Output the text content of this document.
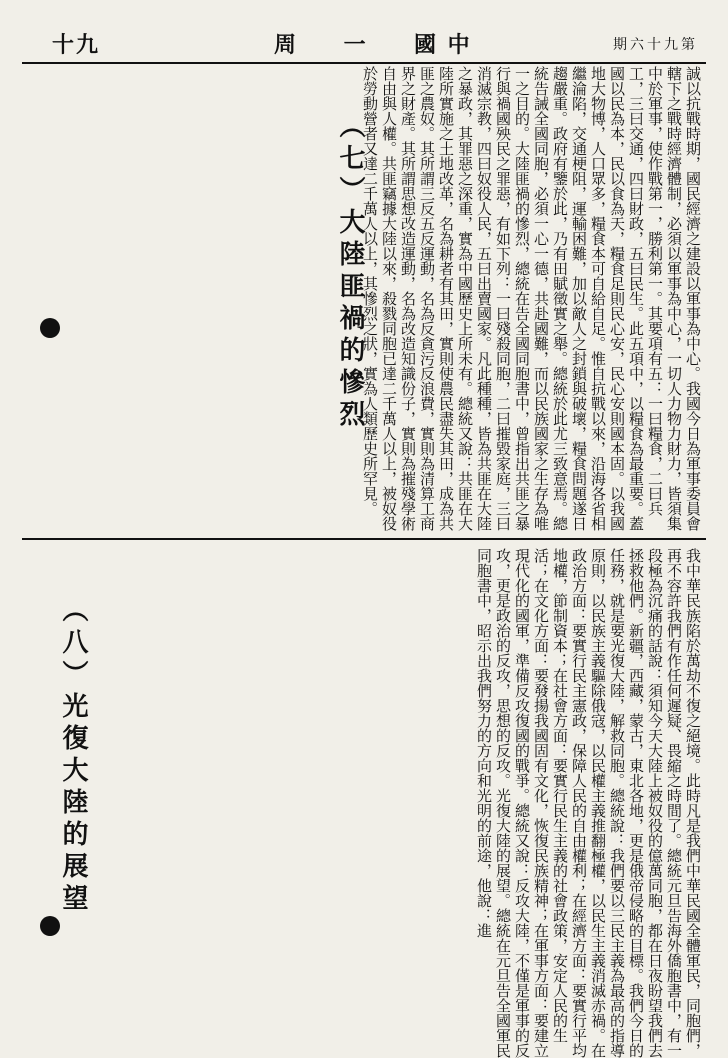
十九	周 一 國 中	期六十九第
誠以抗戰時期，國民經濟之建設以軍事為中心。我國今日為軍事委員會轄下之戰時經濟體制，必須以軍事為中心，一切人力物力財力，皆須集中於軍事，使作戰第一，勝利第一。其要項有五：一曰糧食，二曰兵工，三曰交通，四曰財政，五曰民生。此五項中，以糧食為最重要。蓋國以民為本，民以食為天，糧食足則民心安，民心安則國本固。以我國地大物博，人口眾多，糧食本可自給自足。惟自抗戰以來，沿海各省相繼淪陷，交通梗阻，運輸困難，加以敵人之封鎖與破壞，糧食問題遂日趨嚴重。政府有鑒於此，乃有田賦徵實之舉。總統於此尤三致意焉。總統告誡全國同胞，必須一心一德，共赴國難，而以民族國家之生存為唯一之目的。大陸匪禍的慘烈，總統在告全國同胞書中，曾指出共匪之暴行與禍國殃民之罪惡，有如下列：一曰殘殺同胞，二曰摧毀家庭，三曰消滅宗教，四曰奴役人民，五曰出賣國家。凡此種種，皆為共匪在大陸之暴政，其罪惡之深重，實為中國歷史上所未有。總統又說：共匪在大陸所實施之土地改革，名為耕者有其田，實則使農民盡失其田，成為共匪之農奴。其所謂三反五反運動，名為反貪污反浪費，實則為清算工商界之財產。其所謂思想改造運動，名為改造知識份子，實則為摧殘學術自由與人權。共匪竊據大陸以來，殺戮同胞已達二千萬人以上，被奴役於勞動營者又達二千萬人以上，其慘烈之狀，實為人類歷史所罕見。
我中華民族陷於萬劫不復之絕境。此時凡是我們中華民國全體軍民，同胞們，再不容許我們有作任何遲疑、畏縮之時間了。總統元旦告海外僑胞書中，有一段極為沉痛的話說：須知今天大陸上被奴役的億萬同胞，都在日夜盼望我們去拯救他們。新疆，西藏，蒙古，東北各地，更是俄帝侵略的目標。我們今日的任務，就是要光復大陸，解救同胞。總統說：我們要以三民主義為最高的指導原則，以民族主義驅除俄寇，以民權主義推翻極權，以民生主義消滅赤禍。在政治方面：要實行民主憲政，保障人民的自由權利；在經濟方面：要實行平均地權，節制資本；在社會方面：要實行民生主義的社會政策，安定人民的生活；在文化方面：要發揚我國固有文化，恢復民族精神；在軍事方面：要建立現代化的國軍，準備反攻復國的戰爭。總統又說：反攻大陸，不僅是軍事的反攻，更是政治的反攻，思想的反攻。光復大陸的展望。總統在元旦告全國軍民同胞書中，昭示出我們努力的方向和光明的前途，他說：進
（七）大陸匪禍的慘烈
（八）光復大陸的展望
